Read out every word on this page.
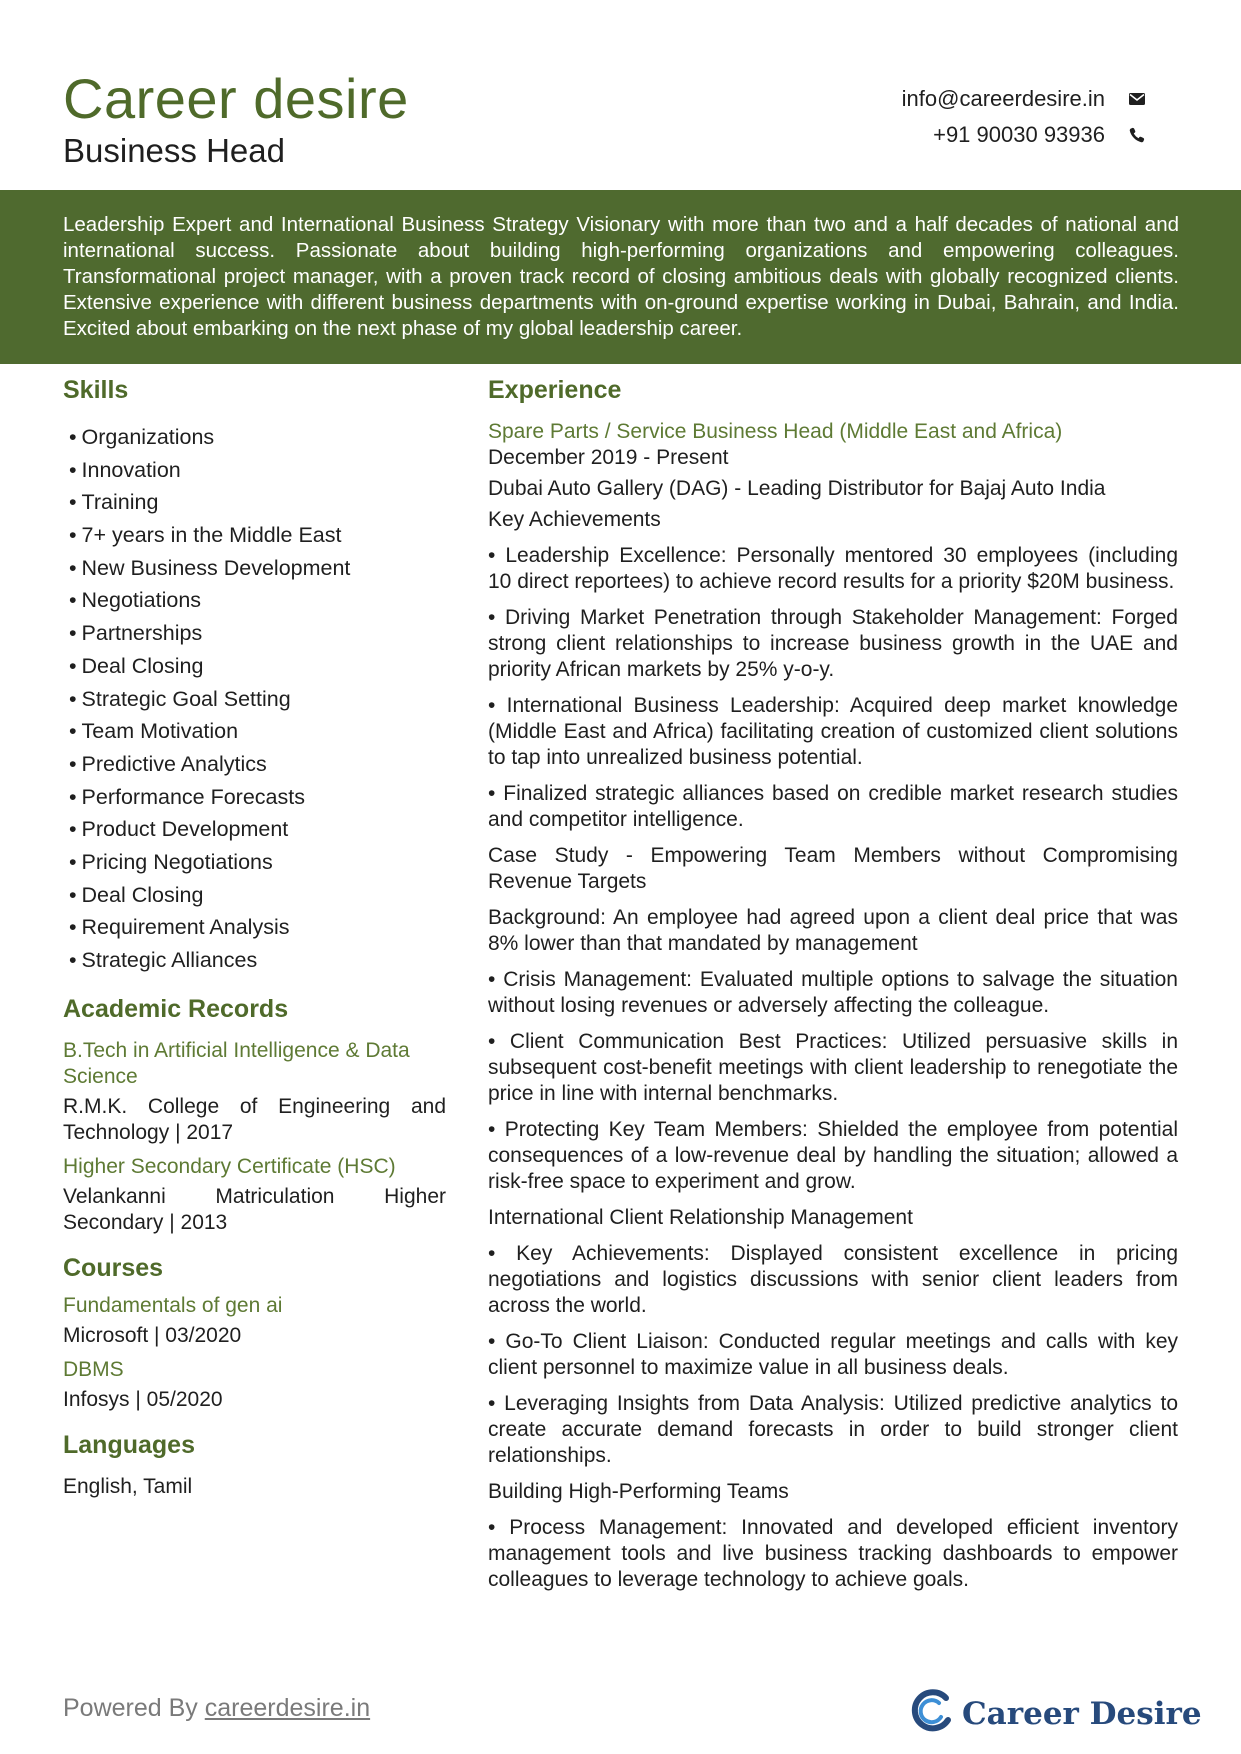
Career desire
Business Head
info@careerdesire.in
+91 90030 93936

Leadership Expert and International Business Strategy Visionary with more than two and a half decades of national and international success. Passionate about building high-performing organizations and empowering colleagues. Transformational project manager, with a proven track record of closing ambitious deals with globally recognized clients. Extensive experience with different business departments with on-ground expertise working in Dubai, Bahrain, and India. Excited about embarking on the next phase of my global leadership career.

Skills
• Organizations
• Innovation
• Training
• 7+ years in the Middle East
• New Business Development
• Negotiations
• Partnerships
• Deal Closing
• Strategic Goal Setting
• Team Motivation
• Predictive Analytics
• Performance Forecasts
• Product Development
• Pricing Negotiations
• Deal Closing
• Requirement Analysis
• Strategic Alliances
Academic Records
B.Tech in Artificial Intelligence & Data Science
R.M.K. College of Engineering and Technology | 2017
Higher Secondary Certificate (HSC)
Velankanni Matriculation Higher Secondary | 2013
Courses
Fundamentals of gen ai
Microsoft | 03/2020
DBMS
Infosys | 05/2020
Languages
English, Tamil
Experience
Spare Parts / Service Business Head (Middle East and Africa)
December 2019 - Present
Dubai Auto Gallery (DAG) - Leading Distributor for Bajaj Auto India
Key Achievements

• Leadership Excellence: Personally mentored 30 employees (including 10 direct reportees) to achieve record results for a priority $20M business.

• Driving Market Penetration through Stakeholder Management: Forged strong client relationships to increase business growth in the UAE and priority African markets by 25% y-o-y.

• International Business Leadership: Acquired deep market knowledge (Middle East and Africa) facilitating creation of customized client solutions to tap into unrealized business potential.

• Finalized strategic alliances based on credible market research studies and competitor intelligence.

Case Study - Empowering Team Members without Compromising Revenue Targets

Background: An employee had agreed upon a client deal price that was 8% lower than that mandated by management

• Crisis Management: Evaluated multiple options to salvage the situation without losing revenues or adversely affecting the colleague.

• Client Communication Best Practices: Utilized persuasive skills in subsequent cost-benefit meetings with client leadership to renegotiate the price in line with internal benchmarks.

• Protecting Key Team Members: Shielded the employee from potential consequences of a low-revenue deal by handling the situation; allowed a risk-free space to experiment and grow.

International Client Relationship Management

• Key Achievements: Displayed consistent excellence in pricing negotiations and logistics discussions with senior client leaders from across the world.

• Go-To Client Liaison: Conducted regular meetings and calls with key client personnel to maximize value in all business deals.

• Leveraging Insights from Data Analysis: Utilized predictive analytics to create accurate demand forecasts in order to build stronger client relationships.

Building High-Performing Teams

• Process Management: Innovated and developed efficient inventory management tools and live business tracking dashboards to empower colleagues to leverage technology to achieve goals.

Powered By careerdesire.in	Career Desire
